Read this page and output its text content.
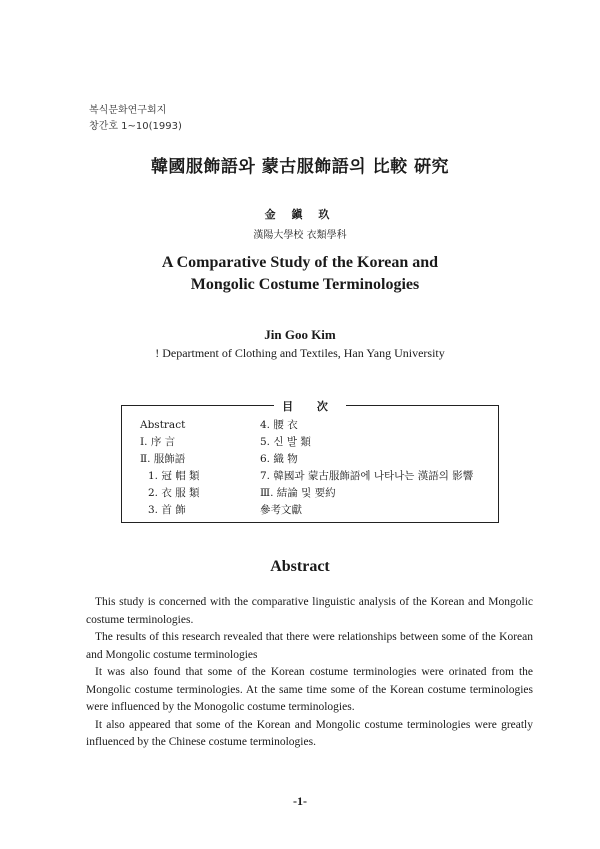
복식문화연구회지
창간호 1~10(1993)
韓國服飾語와 蒙古服飾語의 比較 硏究
金 鎭 玖
漢陽大學校 衣類學科
A Comparative Study of the Korean and
Mongolic Costume Terminologies
Jin Goo Kim
! Department of Clothing and Textiles, Han Yang University
目 次
Abstract
Ⅰ. 序 言
Ⅱ. 服飾語
1. 冠 帽 類
2. 衣 服 類
3. 首 飾
4. 腰 衣
5. 신 발 類
6. 織 物
7. 韓國과 蒙古服飾語에 나타나는 漢語의 影響
Ⅲ. 結論 및 要約
參考文獻
Abstract

This study is concerned with the comparative linguistic analysis of the Korean and Mongolic costume terminologies.

The results of this research revealed that there were relationships between some of the Korean and Mongolic costume terminologies

It was also found that some of the Korean costume terminologies were orinated from the Mongolic costume terminologies. At the same time some of the Korean costume terminologies were influenced by the Monogolic costume terminologies.

It also appeared that some of the Korean and Mongolic costume terminologies were greatly influenced by the Chinese costume terminologies.

-1-
